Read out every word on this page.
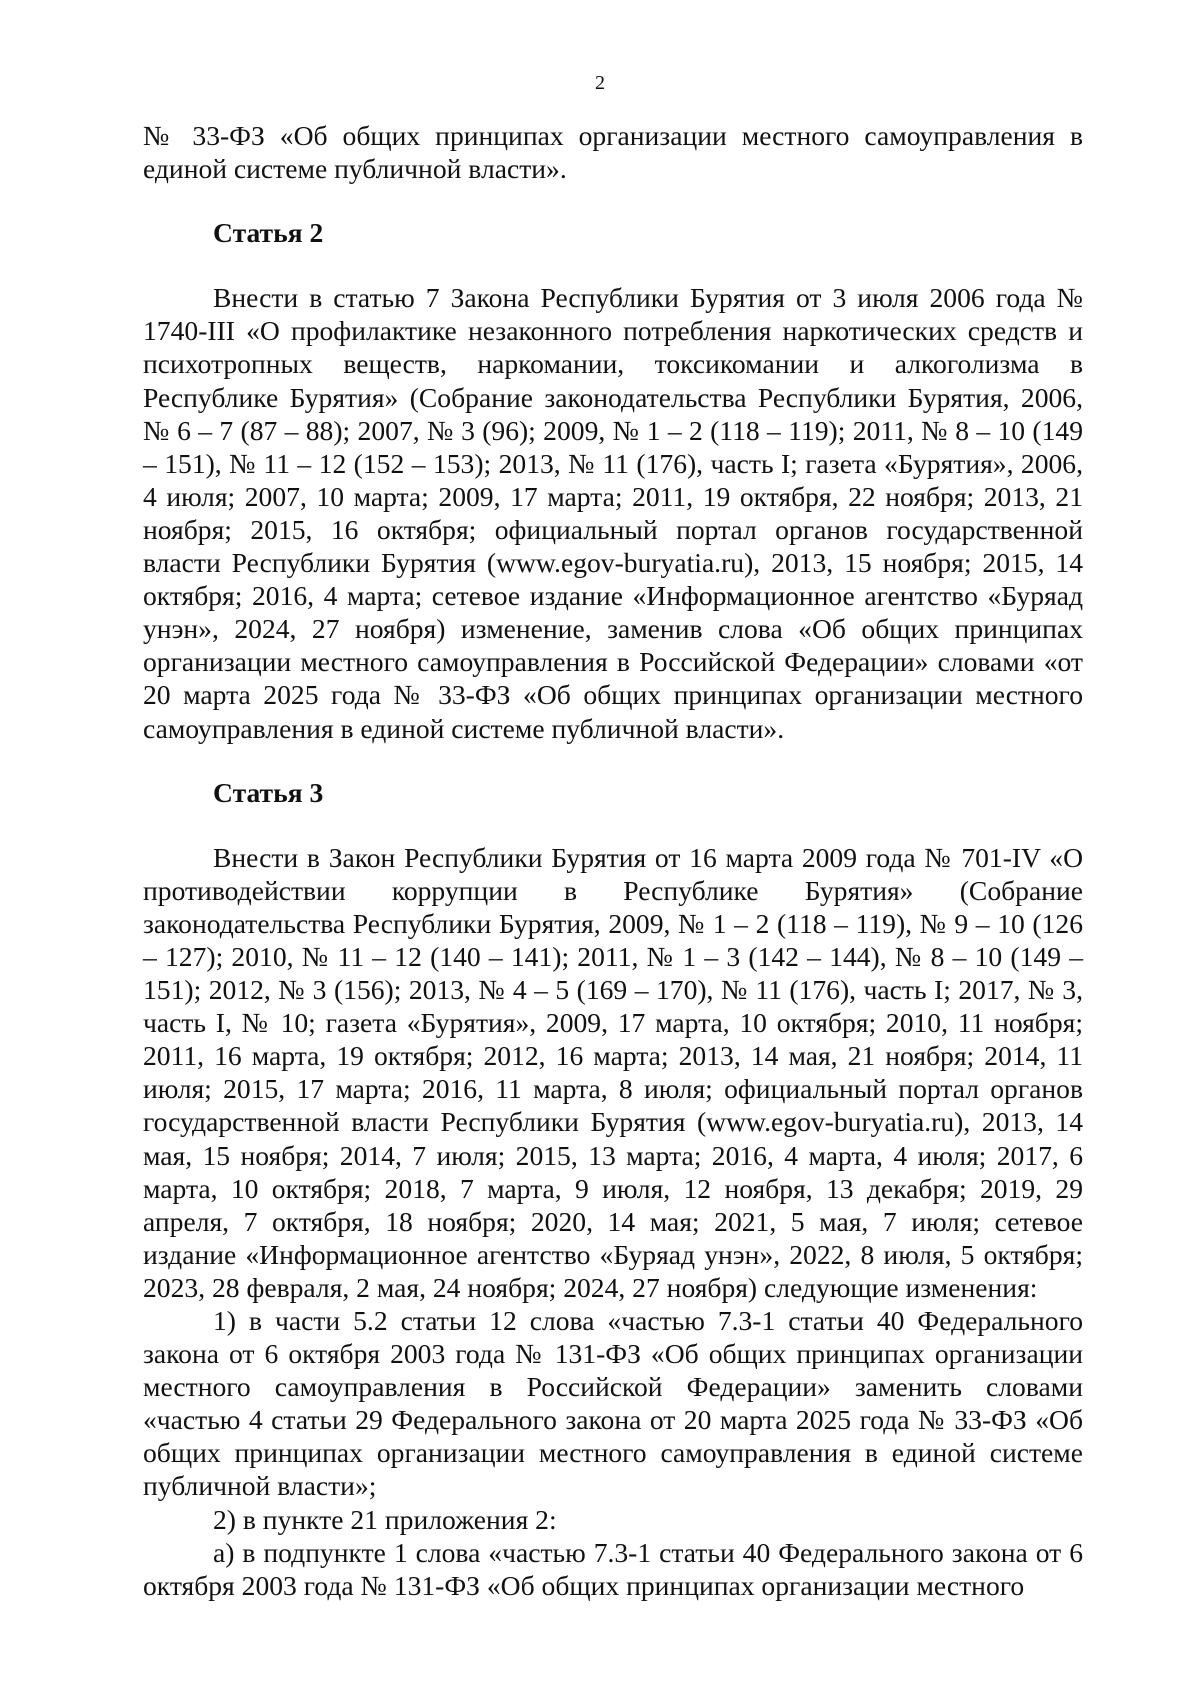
2

№ 33-ФЗ «Об общих принципах организации местного самоуправления в единой системе публичной власти».

Статья 2

Внести в статью 7 Закона Республики Бурятия от 3 июля 2006 года № 1740-III «О профилактике незаконного потребления наркотических средств и психотропных веществ, наркомании, токсикомании и алкоголизма в Республике Бурятия» (Собрание законодательства Республики Бурятия, 2006, № 6 – 7 (87 – 88); 2007, № 3 (96); 2009, № 1 – 2 (118 – 119); 2011, № 8 – 10 (149 – 151), № 11 – 12 (152 – 153); 2013, № 11 (176), часть I; газета «Бурятия», 2006, 4 июля; 2007, 10 марта; 2009, 17 марта; 2011, 19 октября, 22 ноября; 2013, 21 ноября; 2015, 16 октября; официальный портал органов государственной власти Республики Бурятия (www.egov-buryatia.ru), 2013, 15 ноября; 2015, 14 октября; 2016, 4 марта; сетевое издание «Информационное агентство «Буряад унэн», 2024, 27 ноября) изменение, заменив слова «Об общих принципах организации местного самоуправления в Российской Федерации» словами «от 20 марта 2025 года № 33-ФЗ «Об общих принципах организации местного самоуправления в единой системе публичной власти».

Статья 3

Внести в Закон Республики Бурятия от 16 марта 2009 года № 701-IV «О противодействии коррупции в Республике Бурятия» (Собрание законодательства Республики Бурятия, 2009, № 1 – 2 (118 – 119), № 9 – 10 (126 – 127); 2010, № 11 – 12 (140 – 141); 2011, № 1 – 3 (142 – 144), № 8 – 10 (149 – 151); 2012, № 3 (156); 2013, № 4 – 5 (169 – 170), № 11 (176), часть I; 2017, № 3, часть I, № 10; газета «Бурятия», 2009, 17 марта, 10 октября; 2010, 11 ноября; 2011, 16 марта, 19 октября; 2012, 16 марта; 2013, 14 мая, 21 ноября; 2014, 11 июля; 2015, 17 марта; 2016, 11 марта, 8 июля; официальный портал органов государственной власти Республики Бурятия (www.egov-buryatia.ru), 2013, 14 мая, 15 ноября; 2014, 7 июля; 2015, 13 марта; 2016, 4 марта, 4 июля; 2017, 6 марта, 10 октября; 2018, 7 марта, 9 июля, 12 ноября, 13 декабря; 2019, 29 апреля, 7 октября, 18 ноября; 2020, 14 мая; 2021, 5 мая, 7 июля; сетевое издание «Информационное агентство «Буряад унэн», 2022, 8 июля, 5 октября; 2023, 28 февраля, 2 мая, 24 ноября; 2024, 27 ноября) следующие изменения:

1) в части 5.2 статьи 12 слова «частью 7.3-1 статьи 40 Федерального закона от 6 октября 2003 года № 131-ФЗ «Об общих принципах организации местного самоуправления в Российской Федерации» заменить словами «частью 4 статьи 29 Федерального закона от 20 марта 2025 года № 33-ФЗ «Об общих принципах организации местного самоуправления в единой системе публичной власти»;

2) в пункте 21 приложения 2:

а) в подпункте 1 слова «частью 7.3-1 статьи 40 Федерального закона от 6 октября 2003 года № 131-ФЗ «Об общих принципах организации местного
